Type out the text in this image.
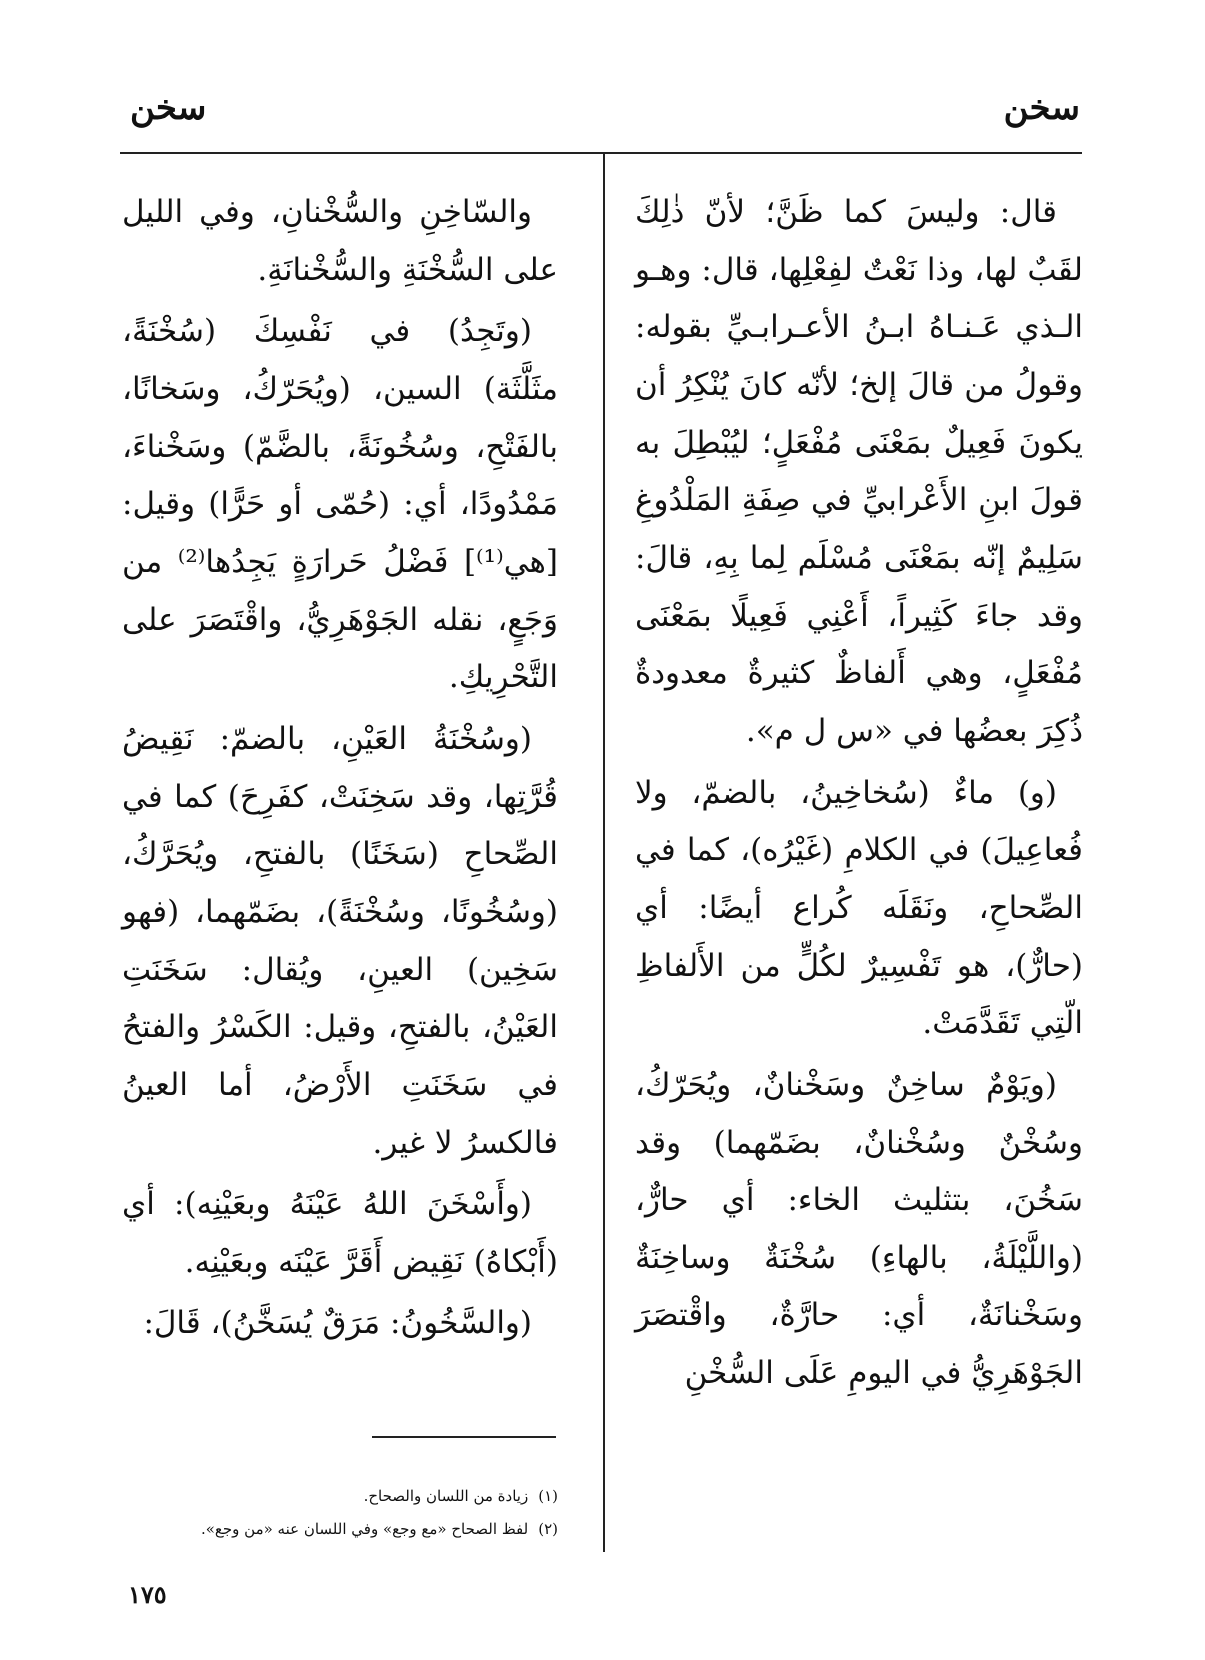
سخن
سخن

قال: وليسَ كما ظَنَّ؛ لأنّ ذٰلِكَ لقَبٌ لها، وذا نَعْتٌ لفِعْلِها، قال: وهـو الـذي عَـنـاهُ ابـنُ الأعـرابـيِّ بقوله: وقولُ من قالَ إلخ؛ لأنّه كانَ يُنْكِرُ أن يكونَ فَعِيلٌ بمَعْنَى مُفْعَلٍ؛ ليُبْطِلَ به قولَ ابنِ الأَعْرابيِّ في صِفَةِ المَلْدُوغِ سَلِيمٌ إنّه بمَعْنَى مُسْلَم لِما بِهِ، قالَ: وقد جاءَ كَثِيراً، أَعْنِي فَعِيلًا بمَعْنَى مُفْعَلٍ، وهي أَلفاظٌ كثيرةٌ معدودةٌ ذُكِرَ بعضُها في «س ل م».

(و) ماءٌ (سُخاخِينُ، بالضمّ، ولا فُعاعِيلَ) في الكلامِ (غَيْرُه)، كما في الصِّحاحِ، ونَقَلَه كُراع أيضًا: أي (حارٌّ)، هو تَفْسِيرٌ لكُلٍّ من الأَلفاظِ الّتِي تَقَدَّمَتْ.

(ويَوْمٌ ساخِنٌ وسَخْنانٌ، ويُحَرّكُ، وسُخْنٌ وسُخْنانٌ، بضَمّهما) وقد سَخُنَ، بتثليث الخاء: أي حارٌّ، (واللَّيْلَةُ، بالهاءِ) سُخْنَةٌ وساخِنَةٌ وسَخْنانَةٌ، أي: حارَّةٌ، واقْتصَرَ الجَوْهَرِيُّ في اليومِ عَلَى السُّخْنِ

والسّاخِنِ والسُّخْنانِ، وفي الليل على السُّخْنَةِ والسُّخْنانَةِ.

(وتَجِدُ) في نَفْسِكَ (سُخْنَةً، مثَلَّثَة) السين، (ويُحَرّكُ، وسَخانًا، بالفَتْحِ، وسُخُونَةً، بالضَّمّ) وسَخْناءَ، مَمْدُودًا، أي: (حُمّى أو حَرًّا) وقيل: [هي⁽¹⁾] فَضْلُ حَرارَةٍ يَجِدُها⁽²⁾ من وَجَعٍ، نقله الجَوْهَرِيُّ، واقْتَصَرَ على التَّحْرِيكِ.

(وسُخْنَةُ العَيْنِ، بالضمّ: نَقِيضُ قُرَّتِها، وقد سَخِنَتْ، كفَرِحَ) كما في الصِّحاحِ (سَخَنًا) بالفتحِ، ويُحَرَّكُ، (وسُخُونًا، وسُخْنَةً)، بضَمّهما، (فهو سَخِين) العينِ، ويُقال: سَخَنَتِ العَيْنُ، بالفتحِ، وقيل: الكَسْرُ والفتحُ في سَخَنَتِ الأَرْضُ، أما العينُ فالكسرُ لا غير.

(وأَسْخَنَ اللهُ عَيْنَهُ وبعَيْنِه): أي (أَبْكاهُ) نَقِيض أَقَرَّ عَيْنَه وبعَيْنِه.

(والسَّخُونُ: مَرَقٌ يُسَخَّنُ)، قَالَ:

(١)
زيادة من اللسان والصحاح.
(٢)
لفظ الصحاح «مع وجع» وفي اللسان عنه «من وجع».
١٧٥
